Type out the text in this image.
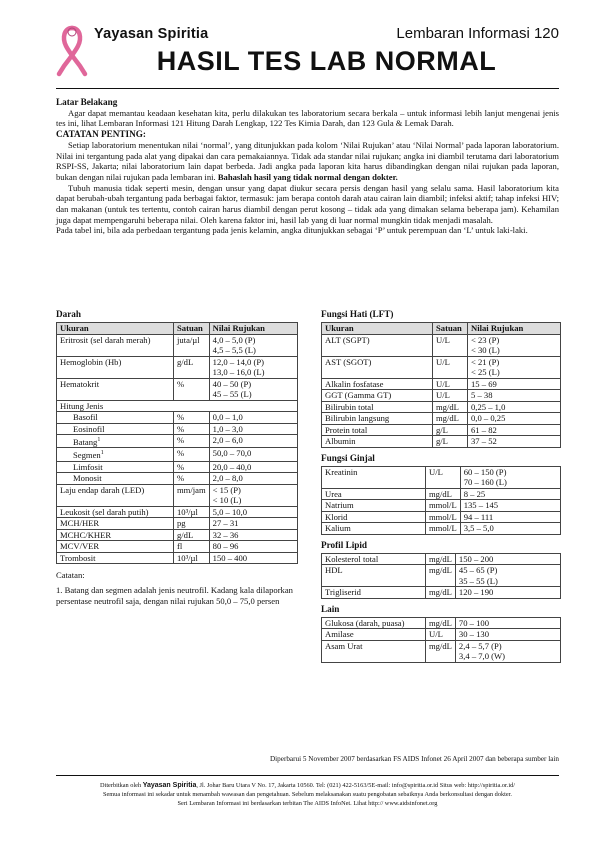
Yayasan Spiritia	Lembaran Informasi 120
HASIL TES LAB NORMAL
Latar Belakang

Agar dapat memantau keadaan kesehatan kita, perlu dilakukan tes laboratorium secara berkala – untuk informasi lebih lanjut mengenai jenis tes ini, lihat Lembaran Informasi 121 Hitung Darah Lengkap, 122 Tes Kimia Darah, dan 123 Gula & Lemak Darah.

CATATAN PENTING:

Setiap laboratorium menentukan nilai ‘normal’, yang ditunjukkan pada kolom ‘Nilai Rujukan’ atau ‘Nilai Normal’ pada laporan laboratorium. Nilai ini tergantung pada alat yang dipakai dan cara pemakaiannya. Tidak ada standar nilai rujukan; angka ini diambil terutama dari laboratorium RSPI-SS, Jakarta; nilai laboratorium lain dapat berbeda. Jadi angka pada laporan kita harus dibandingkan dengan nilai rujukan pada laporan, bukan dengan nilai rujukan pada lembaran ini. Bahaslah hasil yang tidak normal dengan dokter.

Tubuh manusia tidak seperti mesin, dengan unsur yang dapat diukur secara persis dengan hasil yang selalu sama. Hasil laboratorium kita dapat berubah-ubah tergantung pada berbagai faktor, termasuk: jam berapa contoh darah atau cairan lain diambil; infeksi aktif; tahap infeksi HIV; dan makanan (untuk tes tertentu, contoh cairan harus diambil dengan perut kosong – tidak ada yang dimakan selama beberapa jam). Kehamilan juga dapat mempengaruhi beberapa nilai. Oleh karena faktor ini, hasil lab yang di luar normal mungkin tidak menjadi masalah.

Pada tabel ini, bila ada perbedaan tergantung pada jenis kelamin, angka ditunjukkan sebagai ‘P’ untuk perempuan dan ‘L’ untuk laki-laki.

Darah
Ukuran	Satuan	Nilai Rujukan
Eritrosit (sel darah merah)	juta/µl	4,0 – 5,0 (P)
4,5 – 5,5 (L)

Hemoglobin (Hb)	g/dL	12,0 – 14,0 (P)
13,0 – 16,0 (L)

Hematokrit	%	40 – 50 (P)
45 – 55 (L)

Hitung Jenis		
Basofil	%	0,0 – 1,0

Eosinofil	%	1,0 – 3,0

Batang$^1$	%	2,0 – 6,0

Segmen$^1$	%	50,0 – 70,0

Limfosit	%	20,0 – 40,0

Monosit	%	2,0 – 8,0

Laju endap darah (LED)	mm/jam	< 15 (P)
< 10 (L)

Leukosit (sel darah putih)	10³/µl	5,0 – 10,0

MCH/HER	pg	27 – 31

MCHC/KHER	g/dL	32 – 36

MCV/VER	fl	80 – 96

Trombosit	10³/µl	150 – 400
Catatan:
1. Batang dan segmen adalah jenis neutrofil. Kadang kala dilaporkan persentase neutrofil saja, dengan nilai rujukan 50,0 – 75,0 persen
Fungsi Hati (LFT)
Ukuran	Satuan	Nilai Rujukan
ALT (SGPT)	U/L	< 23 (P)
< 30 (L)

AST (SGOT)	U/L	< 21 (P)
< 25 (L)

Alkalin fosfatase	U/L	15 – 69

GGT (Gamma GT)	U/L	5 – 38

Bilirubin total	mg/dL	0,25 – 1,0

Bilirubin langsung	mg/dL	0,0 – 0,25

Protein total	g/L	61 – 82

Albumin	g/L	37 – 52
Fungsi Ginjal
Kreatinin	U/L	60 – 150 (P)
70 – 160 (L)

Urea	mg/dL	8 – 25

Natrium	mmol/L	135 – 145

Klorid	mmol/L	94 – 111

Kalium	mmol/L	3,5 – 5,0
Profil Lipid
Kolesterol total	mg/dL	150 – 200

HDL	mg/dL	45 – 65 (P)
35 – 55 (L)

Trigliserid	mg/dL	120 – 190
Lain
Glukosa (darah, puasa)	mg/dL	70 – 100

Amilase	U/L	30 – 130

Asam Urat	mg/dL	2,4 – 5,7 (P)
3,4 – 7,0 (W)
Diperbarui 5 November 2007 berdasarkan FS AIDS Infonet 26 April 2007 dan beberapa sumber lain
Diterbitkan oleh Yayasan Spiritia, Jl. Johar Baru Utara V No. 17, Jakarta 10560. Tel: (021) 422-5163/5E-mail: info@spiritia.or.id Situs web: http://spiritia.or.id/
Semua informasi ini sekadar untuk menambah wawasan dan pengetahuan. Sebelum melaksanakan suatu pengobatan sebaiknya Anda berkonsultasi dengan dokter.
Seri Lembaran Informasi ini berdasarkan terbitan The AIDS InfoNet. Lihat http:// www.aidsinfonet.org
